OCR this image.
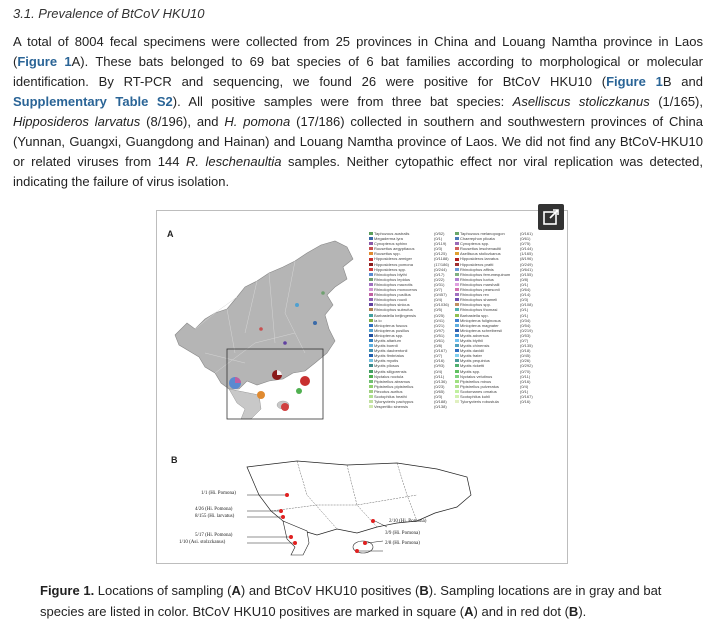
3.1. Prevalence of BtCoV HKU10
A total of 8004 fecal specimens were collected from 25 provinces in China and Louang Namtha province in Laos (Figure 1A). These bats belonged to 69 bat species of 6 bat families according to morphological or molecular identification. By RT-PCR and sequencing, we found 26 were positive for BtCoV HKU10 (Figure 1B and Supplementary Table S2). All positive samples were from three bat species: Aselliscus stoliczkanus (1/165), Hipposideros larvatus (8/196), and H. pomona (17/186) collected in southern and southwestern provinces of China (Yunnan, Guangxi, Guangdong and Hainan) and Louang Namtha province of Laos. We did not find any BtCoV-HKU10 or related viruses from 144 R. leschenaultia samples. Neither cytopathic effect nor viral replication was detected, indicating the failure of virus isolation.
A	Taphozous australis	(0/52)
Megaderma lyra	(0/1)
Cynopterus sphinx	(0/119)
Rousettus aegyptiacus	(0/3)
Rousettus spp.	(0/125)
Hipposideros armiger	(0/1188)
Hipposideros pomona	(17/186)
Hipposideros spp.	(0/244)
Rhinolophus blythi	(0/17)
Rhinolophus lepidus	(0/22)
Rhinolophus macrotis	(0/31)
Rhinolophus monoceros	(0/7)
Rhinolophus pusillus	(0/457)
Rhinolophus rouxii	(0/4)
Rhinolophus sinicus	(0/1036)
Rhinolophus subrufus	(0/5)
Barbastella beijingensis	(0/25)
Ia io	(0/41)
Miniopterus fuscus	(0/21)
Miniopterus pusillus	(0/97)
Miniopterus spp.	(0/51)
Myotis altarium	(0/61)
Myotis boerdi	(0/8)
Myotis daubentonii	(0/167)
Myotis fimbriatus	(0/7)
Myotis myotis	(0/16)
Myotis pilosus	(0/93)
Myotis siligorensis	(0/4)
Nyctalus noctula	(0/11)
Pipistrellus abramus	(0/136)
Pipistrellus pipistrellus	(0/23)
Plecotus auritus	(0/65)
Scotophilus heathi	(0/3)
Tylonycteris pachypus	(0/188)
Vespertilio sinensis	(0/138)
Taphozous melanopogon	(0/161)
Chaerephon plicata	(0/61)
Cynopterus spp.	(0/75)
Rousettus leschenaultii	(0/144)
Aselliscus stoliczkanus	(1/165)
Hipposideros larvatus	(8/196)
Hipposideros pratti	(0/249)
Rhinolophus affinis	(0/641)
Rhinolophus ferrumequinum	(0/155)
Rhinolophus luctus	(0/8)
Rhinolophus marshalli	(0/1)
Rhinolophus pearsonii	(0/64)
Rhinolophus rex	(0/14)
Rhinolophus shameli	(0/3)
Rhinolophus spp.	(0/108)
Rhinolophus thomasi	(0/1)
Barbastella spp.	(0/1)
Miniopterus fuliginosus	(0/34)
Miniopterus magnater	(0/54)
Miniopterus schreibersii	(0/219)
Myotis adversus	(0/53)
Myotis blythii	(0/7)
Myotis chinensis	(0/135)
Myotis davidii	(0/18)
Myotis frater	(0/45)
Myotis pequinius	(0/26)
Myotis ricketti	(0/292)
Myotis spp.	(0/70)
Nyctalus velutinus	(0/11)
Pipistrellus minus	(0/16)
Pipistrellus pulveratus	(0/4)
Scotomanes ornatus	(0/1)
Scotophilus kuhli	(0/167)
Tylonycteris robustula	(0/16)
B
1/1 (Hi. Pomona)
4/26 (Hi. Pomona)
8/155 (Hi. larvatus)
5/17 (Hi. Pomona)
1/10 (Asi. stolzckanus)
2/10 (Hi. Pomona)
3/9 (Hi. Pomona)
2/8 (Hi. Pomona)
Figure 1. Locations of sampling (A) and BtCoV HKU10 positives (B). Sampling locations are in gray and bat species are listed in color. BtCoV HKU10 positives are marked in square (A) and in red dot (B).
